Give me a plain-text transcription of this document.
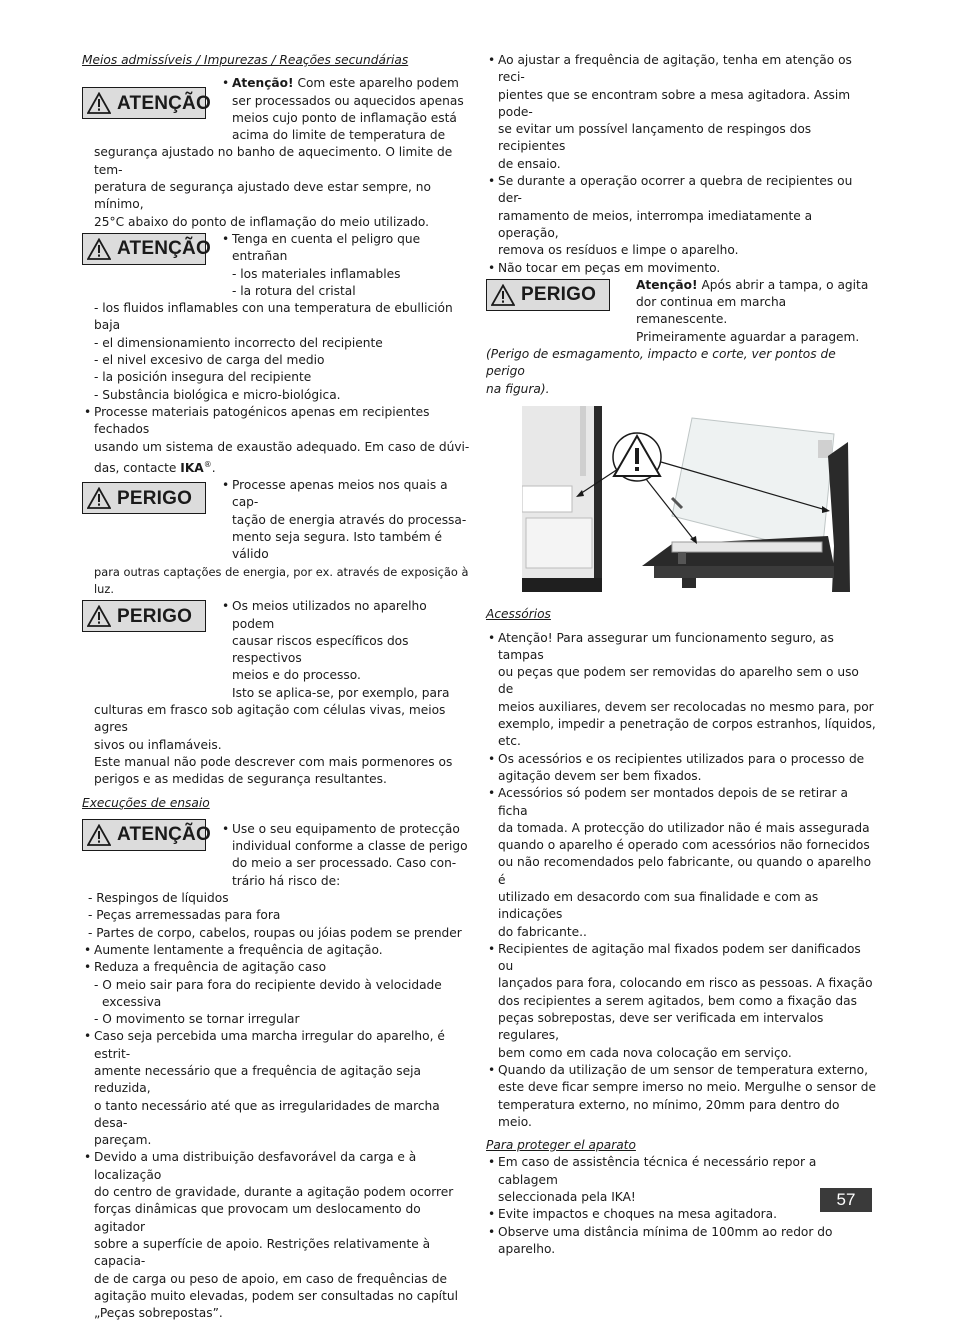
Meios admissíveis / Impurezas / Reações secundárias

ATENÇÃO

• Atenção! Com este aparelho podem

ser processados ou aquecidos apenas

meios cujo ponto de inflamação está

acima do limite de temperatura de

segurança ajustado no banho de aquecimento. O limite de tem-

peratura de segurança ajustado deve estar sempre, no mínimo,

25°C abaixo do ponto de inflamação do meio utilizado.

ATENÇÃO	• Tenga en cuenta el peligro que entrañan

- los materiales inflamables

- la rotura del cristal

- los fluidos inflamables con una temperatura de ebullición baja

- el dimensionamiento incorrecto del recipiente

- el nivel excesivo de carga del medio

- la posición insegura del recipiente

- Substância biológica e micro-biológica.

• Processe materiais patogénicos apenas em recipientes fechados

usando um sistema de exaustão adequado. Em caso de dúvi-

das, contacte IKA®.

PERIGO

• Processe apenas meios nos quais a cap-

tação de energia através do processa-

mento seja segura. Isto também é válido

para outras captações de energia, por ex. através de exposição à luz.

PERIGO	• Os meios utilizados no aparelho podem

causar riscos específicos dos respectivos

meios e do processo.

Isto se aplica-se, por exemplo, para

culturas em frasco sob agitação com células vivas, meios agres

sivos ou inflamáveis.

Este manual não pode descrever com mais pormenores os

perigos e as medidas de segurança resultantes.

Execuções de ensaio

ATENÇÃO	• Use o seu equipamento de protecção

individual conforme a classe de perigo

do meio a ser processado. Caso con-

trário há risco de:

- Respingos de líquidos

- Peças arremessadas para fora

- Partes de corpo, cabelos, roupas ou jóias podem se prender

• Aumente lentamente a frequência de agitação.

• Reduza a frequência de agitação caso

- O meio sair para fora do recipiente devido à velocidade

excessiva

- O movimento se tornar irregular

• Caso seja percebida uma marcha irregular do aparelho, é estrit-

amente necessário que a frequência de agitação seja reduzida,

o tanto necessário até que as irregularidades de marcha desa-

pareçam.

• Devido a uma distribuição desfavorável da carga e à localização

do centro de gravidade, durante a agitação podem ocorrer

forças dinâmicas que provocam um deslocamento do agitador

sobre a superfície de apoio. Restrições relativamente à capacia-

de de carga ou peso de apoio, em caso de frequências de

agitação muito elevadas, podem ser consultadas no capítul

„Peças sobrepostas”.

• Ao ajustar a frequência de agitação, tenha em atenção os reci-

pientes que se encontram sobre a mesa agitadora. Assim pode-

se evitar um possível lançamento de respingos dos recipientes

de ensaio.

• Se durante a operação ocorrer a quebra de recipientes ou der-

ramamento de meios, interrompa imediatamente a operação,

remova os resíduos e limpe o aparelho.

• Não tocar em peças em movimento.

PERIGO	Atenção! Após abrir a tampa, o agita

dor continua em marcha remanescente.

Primeiramente aguardar a paragem.

(Perigo de esmagamento, impacto e corte, ver pontos de perigo

na figura).

Acessórios

• Atenção! Para assegurar um funcionamento seguro, as tampas

ou peças que podem ser removidas do aparelho sem o uso de

meios auxiliares, devem ser recolocadas no mesmo para, por

exemplo, impedir a penetração de corpos estranhos, líquidos,

etc.

• Os acessórios e os recipientes utilizados para o processo de

agitação devem ser bem fixados.

• Acessórios só podem ser montados depois de se retirar a ficha

da tomada. A protecção do utilizador não é mais assegurada

quando o aparelho é operado com acessórios não fornecidos

ou não recomendados pelo fabricante, ou quando o aparelho é

utilizado em desacordo com sua finalidade e com as indicações

do fabricante..

• Recipientes de agitação mal fixados podem ser danificados ou

lançados para fora, colocando em risco as pessoas. A fixação

dos recipientes a serem agitados, bem como a fixação das

peças sobrepostas, deve ser verificada em intervalos regulares,

bem como em cada nova colocação em serviço.

• Quando da utilização de um sensor de temperatura externo,

este deve ficar sempre imerso no meio. Mergulhe o sensor de

temperatura externo, no mínimo, 20mm para dentro do meio.

Para proteger el aparato

• Em caso de assistência técnica é necessário repor a cablagem

seleccionada pela IKA!

• Evite impactos e choques na mesa agitadora.

• Observe uma distância mínima de 100mm ao redor do

aparelho.

57
